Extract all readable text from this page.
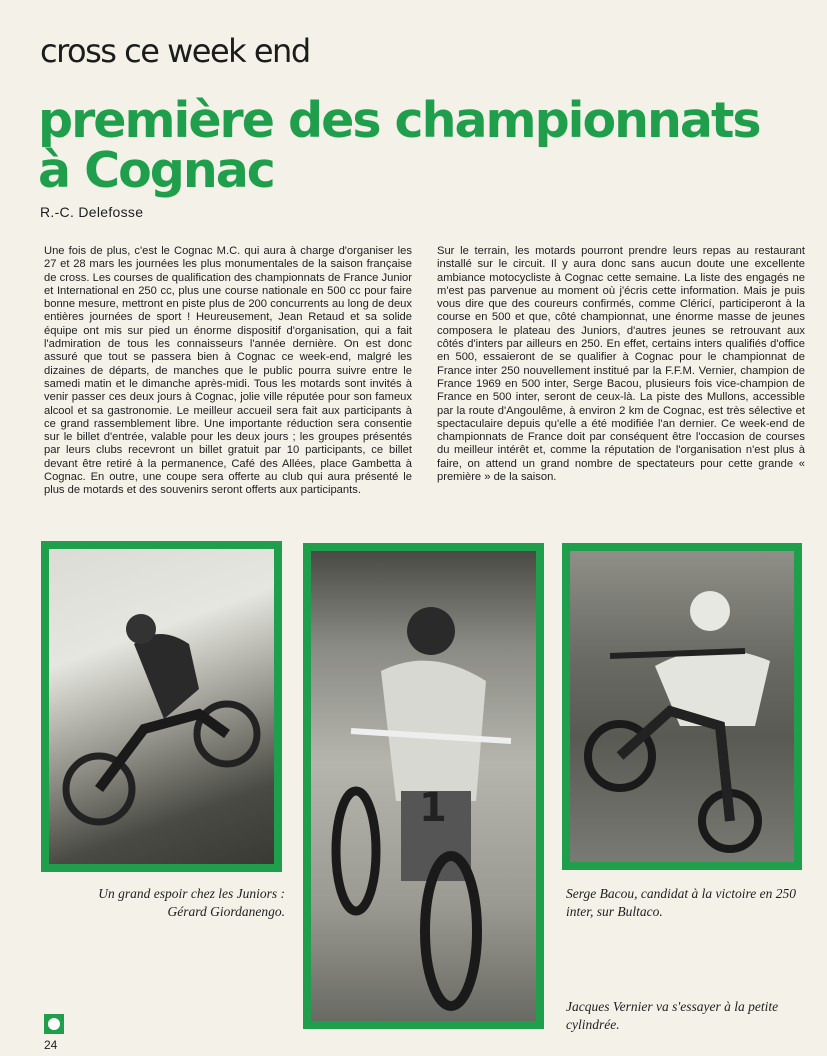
cross ce week end
première des championnats
à Cognac
R.-C. Delefosse

Une fois de plus, c'est le Cognac M.C. qui aura à charge d'organiser les 27 et 28 mars les journées les plus monumentales de la saison française de cross. Les courses de qualification des championnats de France Junior et International en 250 cc, plus une course nationale en 500 cc pour faire bonne mesure, mettront en piste plus de 200 concurrents au long de deux entières journées de sport ! Heureusement, Jean Retaud et sa solide équipe ont mis sur pied un énorme dispositif d'organisation, qui a fait l'admiration de tous les connaisseurs l'année dernière. On est donc assuré que tout se passera bien à Cognac ce week-end, malgré les dizaines de départs, de manches que le public pourra suivre entre le samedi matin et le dimanche après-midi. Tous les motards sont invités à venir passer ces deux jours à Cognac, jolie ville réputée pour son fameux alcool et sa gastronomie. Le meilleur accueil sera fait aux participants à ce grand rassemblement libre. Une importante réduction sera consentie sur le billet d'entrée, valable pour les deux jours ; les groupes présentés par leurs clubs recevront un billet gratuit par 10 participants, ce billet devant être retiré à la permanence, Café des Allées, place Gambetta à Cognac. En outre, une coupe sera offerte au club qui aura présenté le plus de motards et des souvenirs seront offerts aux participants.

Sur le terrain, les motards pourront prendre leurs repas au restaurant installé sur le circuit. Il y aura donc sans aucun doute une excellente ambiance motocycliste à Cognac cette semaine. La liste des engagés ne m'est pas parvenue au moment où j'écris cette information. Mais je puis vous dire que des coureurs confirmés, comme Cléricí, participeront à la course en 500 et que, côté championnat, une énorme masse de jeunes composera le plateau des Juniors, d'autres jeunes se retrouvant aux côtés d'inters par ailleurs en 250. En effet, certains inters qualifiés d'office en 500, essaieront de se qualifier à Cognac pour le championnat de France inter 250 nouvellement institué par la F.F.M. Vernier, champion de France 1969 en 500 inter, Serge Bacou, plusieurs fois vice-champion de France en 500 inter, seront de ceux-là. La piste des Mullons, accessible par la route d'Angoulême, à environ 2 km de Cognac, est très sélective et spectaculaire depuis qu'elle a été modifiée l'an dernier. Ce week-end de championnats de France doit par conséquent être l'occasion de courses du meilleur intérêt et, comme la réputation de l'organisation n'est plus à faire, on attend un grand nombre de spectateurs pour cette grande « première » de la saison.

1
Un grand espoir chez les Juniors : Gérard Giordanengo.
Serge Bacou, candidat à la victoire en 250 inter, sur Bultaco.
Jacques Vernier va s'essayer à la petite cylindrée.
24
